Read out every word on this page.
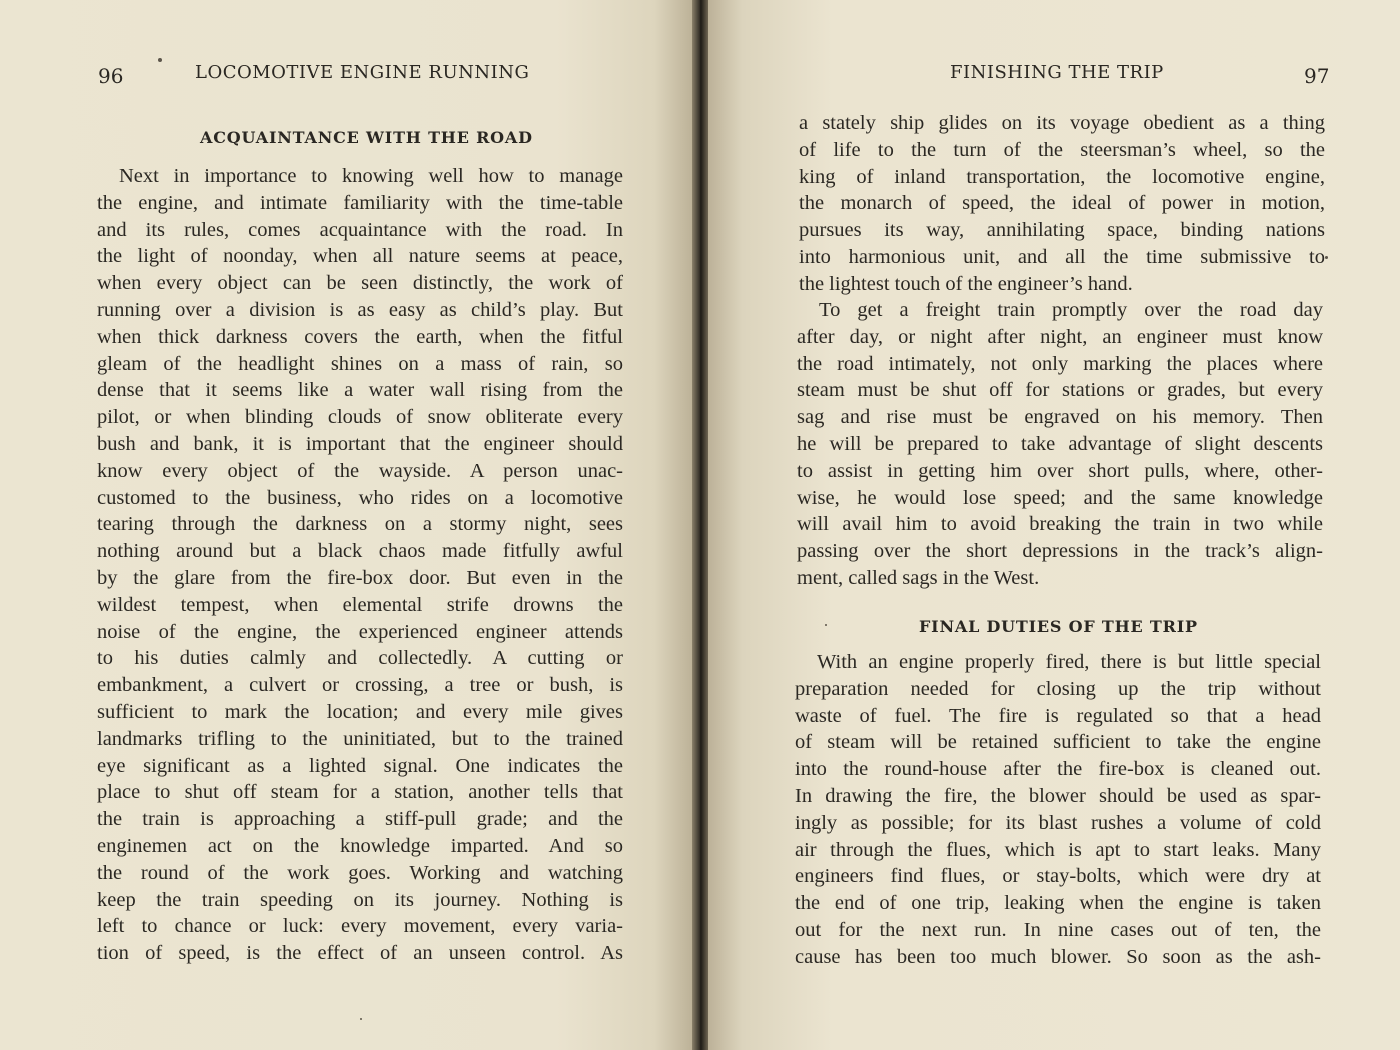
96	LOCOMOTIVE ENGINE RUNNING
ACQUAINTANCE WITH THE ROAD
Next in importance to knowing well how to manage
the engine, and intimate familiarity with the time-table
and its rules, comes acquaintance with the road. In
the light of noonday, when all nature seems at peace,
when every object can be seen distinctly, the work of
running over a division is as easy as child’s play. But
when thick darkness covers the earth, when the fitful
gleam of the headlight shines on a mass of rain, so
dense that it seems like a water wall rising from the
pilot, or when blinding clouds of snow obliterate every
bush and bank, it is important that the engineer should
know every object of the wayside. A person unac-
customed to the business, who rides on a locomotive
tearing through the darkness on a stormy night, sees
nothing around but a black chaos made fitfully awful
by the glare from the fire-box door. But even in the
wildest tempest, when elemental strife drowns the
noise of the engine, the experienced engineer attends
to his duties calmly and collectedly. A cutting or
embankment, a culvert or crossing, a tree or bush, is
sufficient to mark the location; and every mile gives
landmarks trifling to the uninitiated, but to the trained
eye significant as a lighted signal. One indicates the
place to shut off steam for a station, another tells that
the train is approaching a stiff-pull grade; and the
enginemen act on the knowledge imparted. And so
the round of the work goes. Working and watching
keep the train speeding on its journey. Nothing is
left to chance or luck: every movement, every varia-
tion of speed, is the effect of an unseen control. As
FINISHING THE TRIP	97
a stately ship glides on its voyage obedient as a thing
of life to the turn of the steersman’s wheel, so the
king of inland transportation, the locomotive engine,
the monarch of speed, the ideal of power in motion,
pursues its way, annihilating space, binding nations
into harmonious unit, and all the time submissive to
the lightest touch of the engineer’s hand.
To get a freight train promptly over the road day
after day, or night after night, an engineer must know
the road intimately, not only marking the places where
steam must be shut off for stations or grades, but every
sag and rise must be engraved on his memory. Then
he will be prepared to take advantage of slight descents
to assist in getting him over short pulls, where, other-
wise, he would lose speed; and the same knowledge
will avail him to avoid breaking the train in two while
passing over the short depressions in the track’s align-
ment, called sags in the West.
FINAL DUTIES OF THE TRIP
With an engine properly fired, there is but little special
preparation needed for closing up the trip without
waste of fuel. The fire is regulated so that a head
of steam will be retained sufficient to take the engine
into the round-house after the fire-box is cleaned out.
In drawing the fire, the blower should be used as spar-
ingly as possible; for its blast rushes a volume of cold
air through the flues, which is apt to start leaks. Many
engineers find flues, or stay-bolts, which were dry at
the end of one trip, leaking when the engine is taken
out for the next run. In nine cases out of ten, the
cause has been too much blower. So soon as the ash-
